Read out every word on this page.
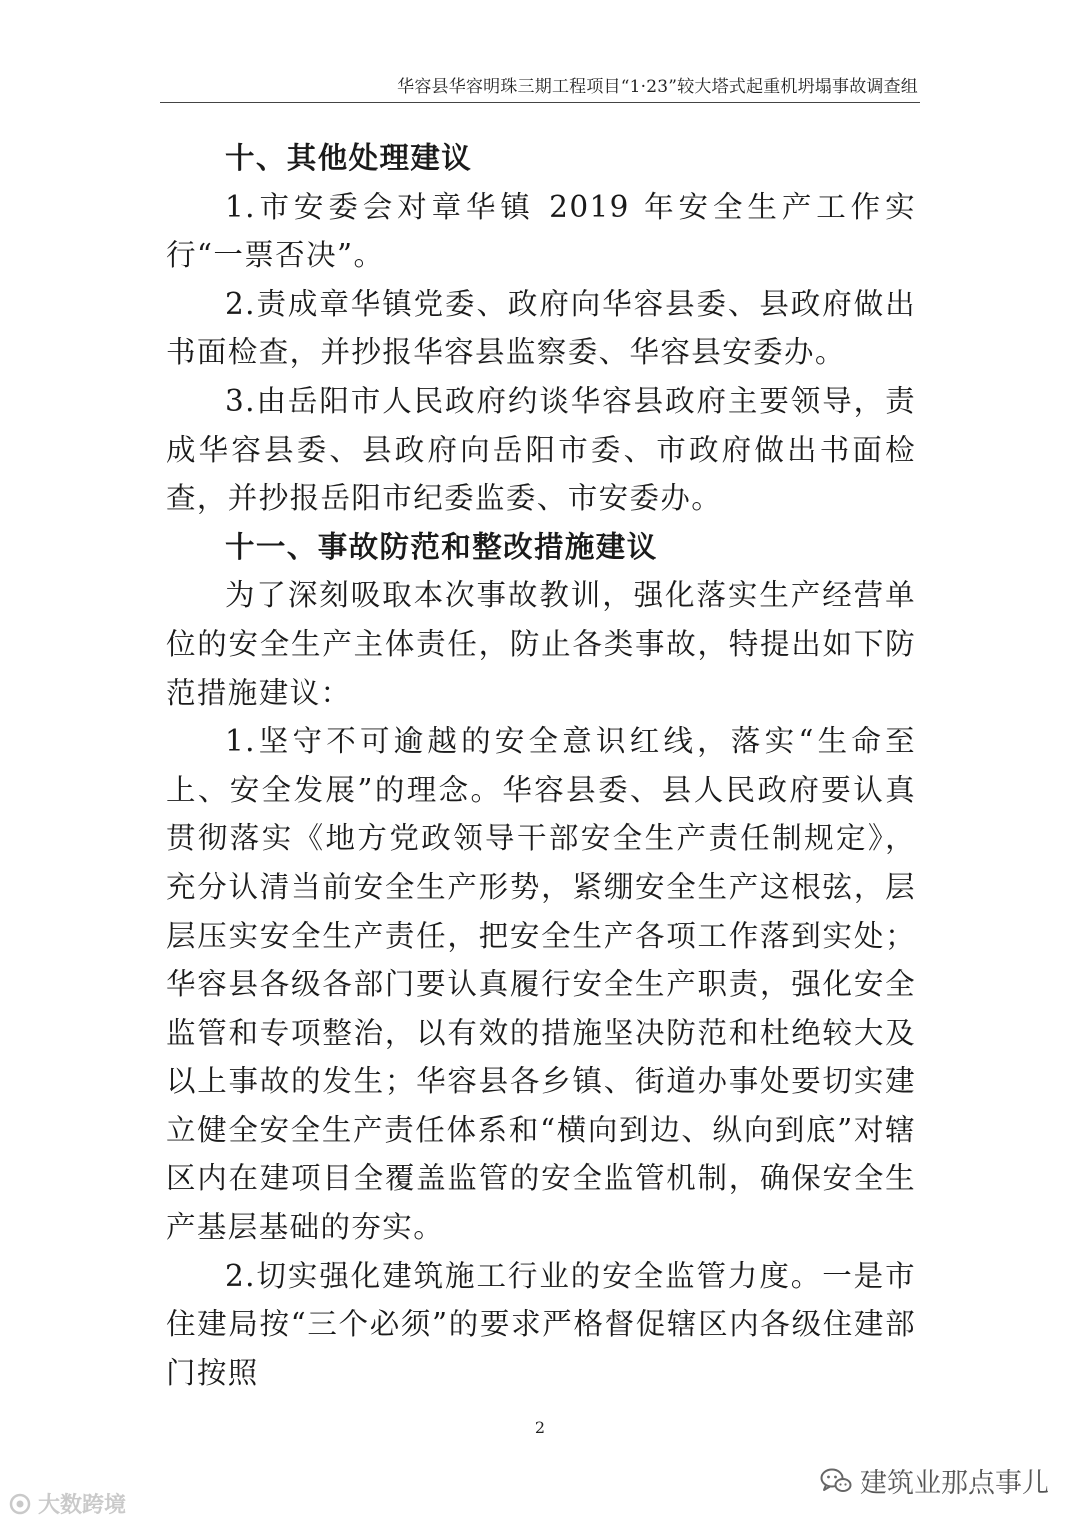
华容县华容明珠三期工程项目“1·23”较大塔式起重机坍塌事故调查组

十、其他处理建议

1.市安委会对章华镇 2019 年安全生产工作实行“一票否决”。

2.责成章华镇党委、政府向华容县委、县政府做出书面检查，并抄报华容县监察委、华容县安委办。

3.由岳阳市人民政府约谈华容县政府主要领导，责成华容县委、县政府向岳阳市委、市政府做出书面检查，并抄报岳阳市纪委监委、市安委办。

十一、事故防范和整改措施建议

为了深刻吸取本次事故教训，强化落实生产经营单位的安全生产主体责任，防止各类事故，特提出如下防范措施建议：

1.坚守不可逾越的安全意识红线，落实“生命至上、安全发展”的理念。华容县委、县人民政府要认真贯彻落实《地方党政领导干部安全生产责任制规定》，充分认清当前安全生产形势，紧绷安全生产这根弦，层层压实安全生产责任，把安全生产各项工作落到实处；华容县各级各部门要认真履行安全生产职责，强化安全监管和专项整治，以有效的措施坚决防范和杜绝较大及以上事故的发生；华容县各乡镇、街道办事处要切实建立健全安全生产责任体系和“横向到边、纵向到底”对辖区内在建项目全覆盖监管的安全监管机制，确保安全生产基层基础的夯实。

2.切实强化建筑施工行业的安全监管力度。一是市住建局按“三个必须”的要求严格督促辖区内各级住建部门按照

2
大数跨境
建筑业那点事儿
